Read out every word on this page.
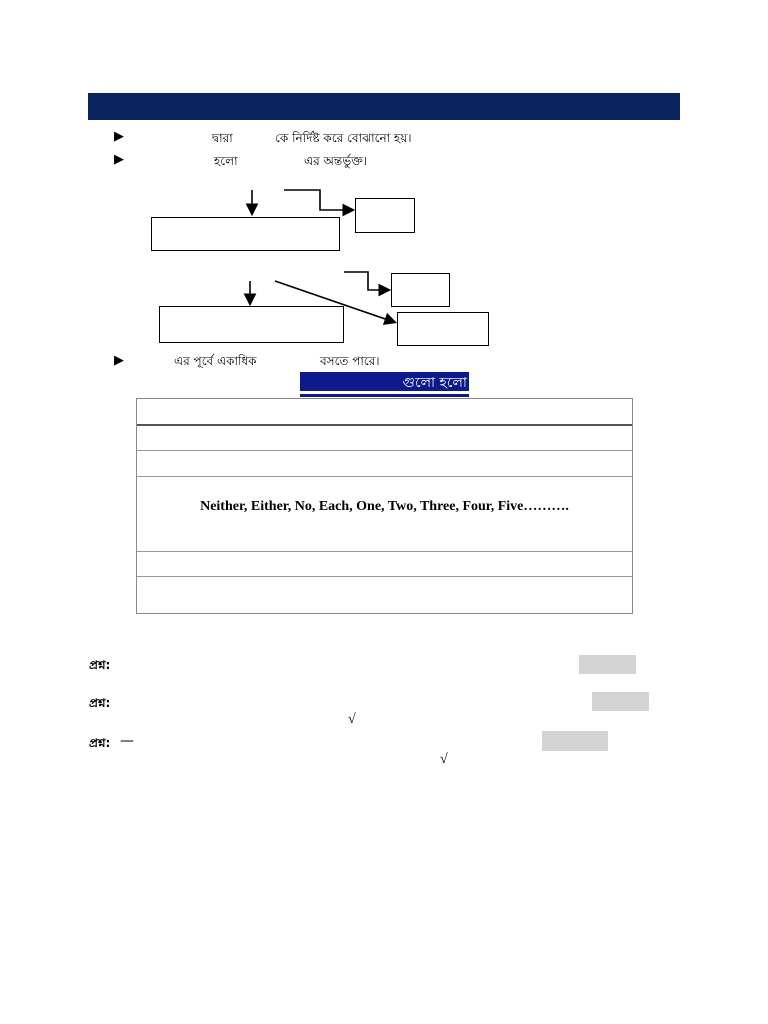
▶	দ্বারা	কে নির্দিষ্ট করে বোঝানো হয়।
▶	হলো	এর অন্তর্ভুক্ত।
▶	এর পূর্বে একাধিক	বসতে পারে।
গুলো হলো
Neither, Either, No, Each, One, Two, Three, Four, Five……….
প্রশ্ন:
প্রশ্ন:
√
প্রশ্ন: —
√
